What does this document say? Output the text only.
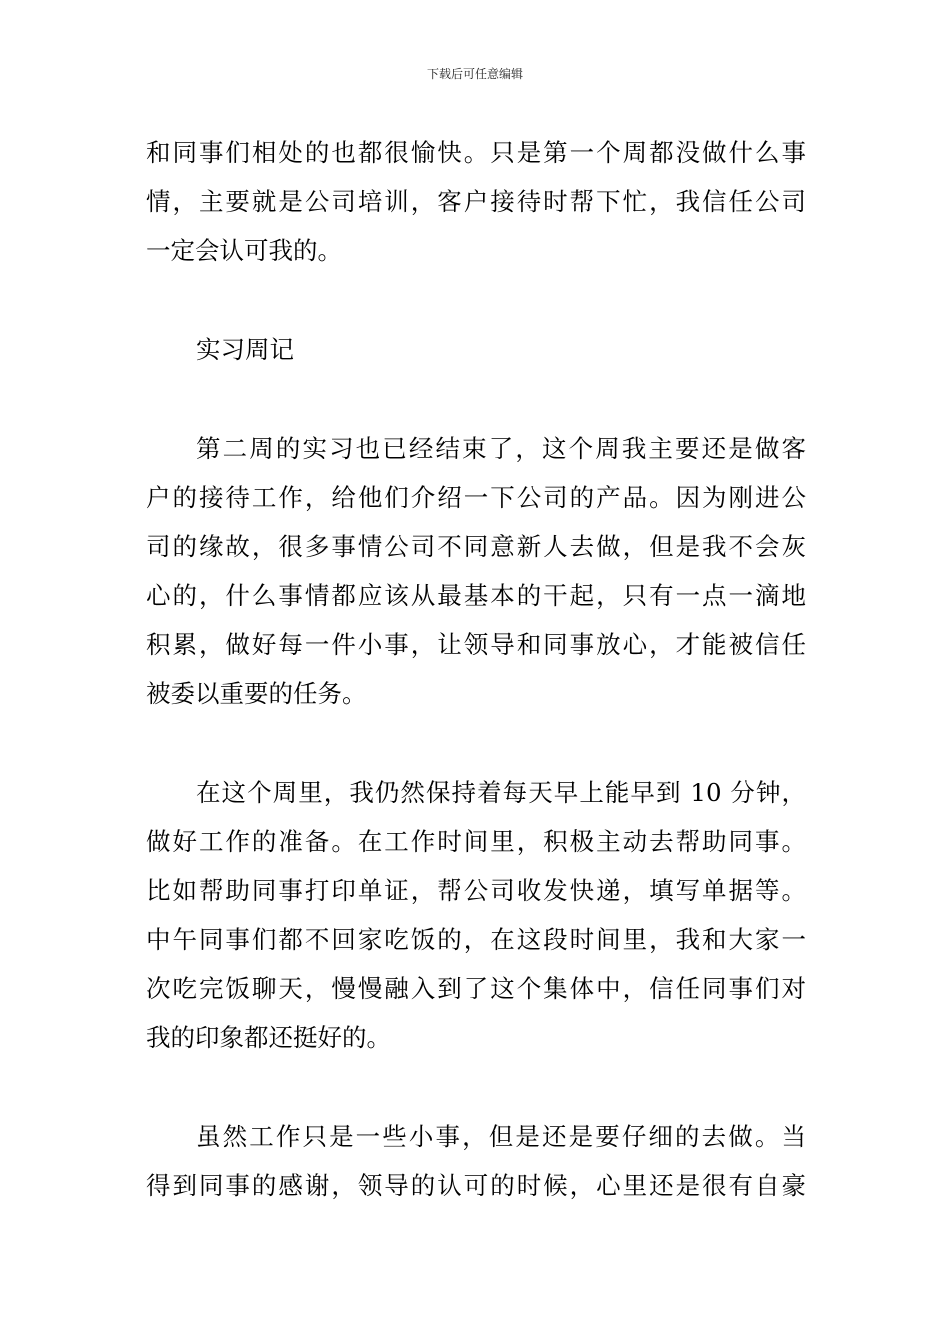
下载后可任意编辑
和同事们相处的也都很愉快。只是第一个周都没做什么事
情，主要就是公司培训，客户接待时帮下忙，我信任公司
一定会认可我的。
实习周记
第二周的实习也已经结束了，这个周我主要还是做客
户的接待工作，给他们介绍一下公司的产品。因为刚进公
司的缘故，很多事情公司不同意新人去做，但是我不会灰
心的，什么事情都应该从最基本的干起，只有一点一滴地
积累，做好每一件小事，让领导和同事放心，才能被信任
被委以重要的任务。
在这个周里，我仍然保持着每天早上能早到 10 分钟，
做好工作的准备。在工作时间里，积极主动去帮助同事。
比如帮助同事打印单证，帮公司收发快递，填写单据等。
中午同事们都不回家吃饭的，在这段时间里，我和大家一
次吃完饭聊天，慢慢融入到了这个集体中，信任同事们对
我的印象都还挺好的。
虽然工作只是一些小事，但是还是要仔细的去做。当
得到同事的感谢，领导的认可的时候，心里还是很有自豪
